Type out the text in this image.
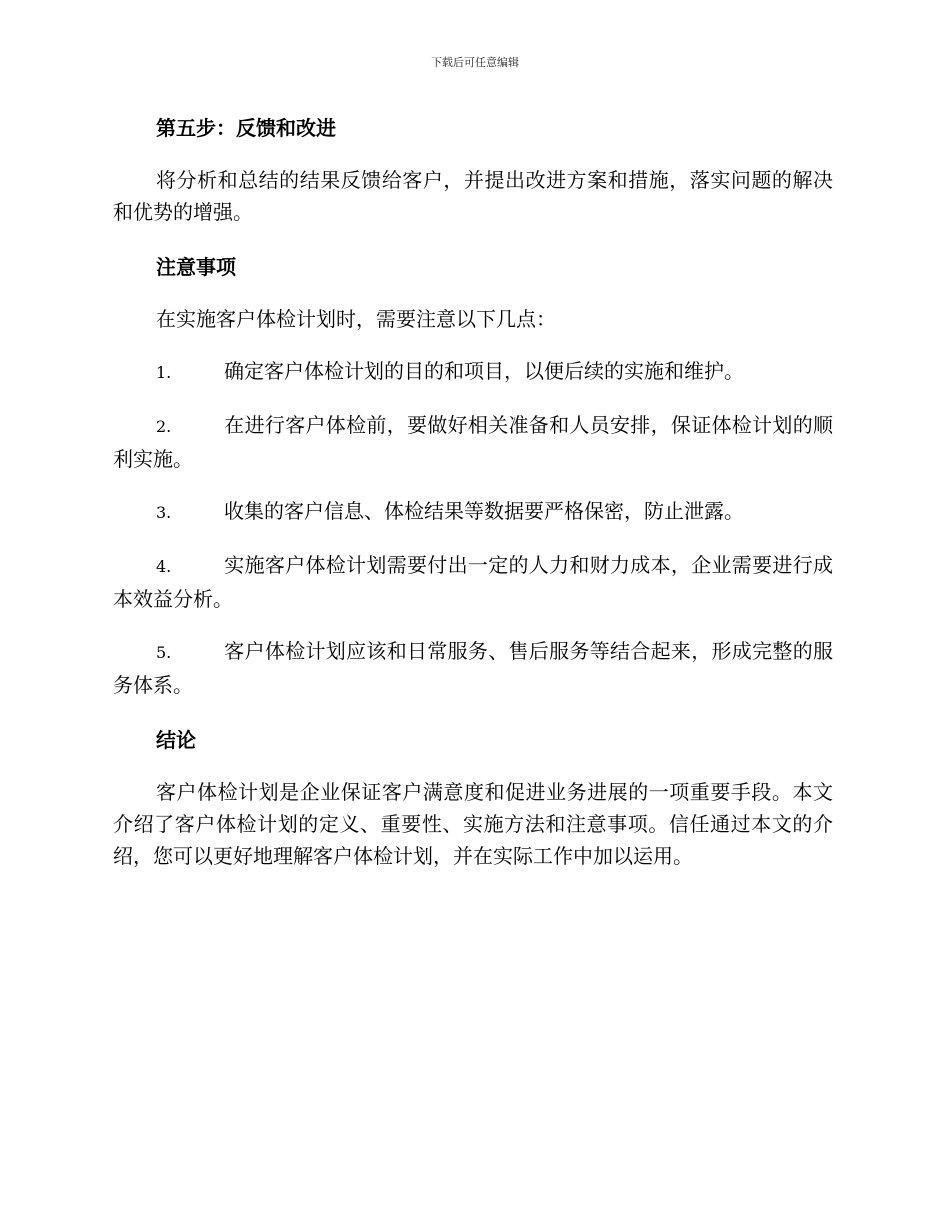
下载后可任意编辑
第五步：反馈和改进

将分析和总结的结果反馈给客户，并提出改进方案和措施，落实问题的解决和优势的增强。

注意事项

在实施客户体检计划时，需要注意以下几点：

1.	确定客户体检计划的目的和项目，以便后续的实施和维护。

2.	在进行客户体检前，要做好相关准备和人员安排，保证体检计划的顺利实施。

3.	收集的客户信息、体检结果等数据要严格保密，防止泄露。

4.	实施客户体检计划需要付出一定的人力和财力成本，企业需要进行成本效益分析。

5.	客户体检计划应该和日常服务、售后服务等结合起来，形成完整的服务体系。

结论

客户体检计划是企业保证客户满意度和促进业务进展的一项重要手段。本文介绍了客户体检计划的定义、重要性、实施方法和注意事项。信任通过本文的介绍，您可以更好地理解客户体检计划，并在实际工作中加以运用。
